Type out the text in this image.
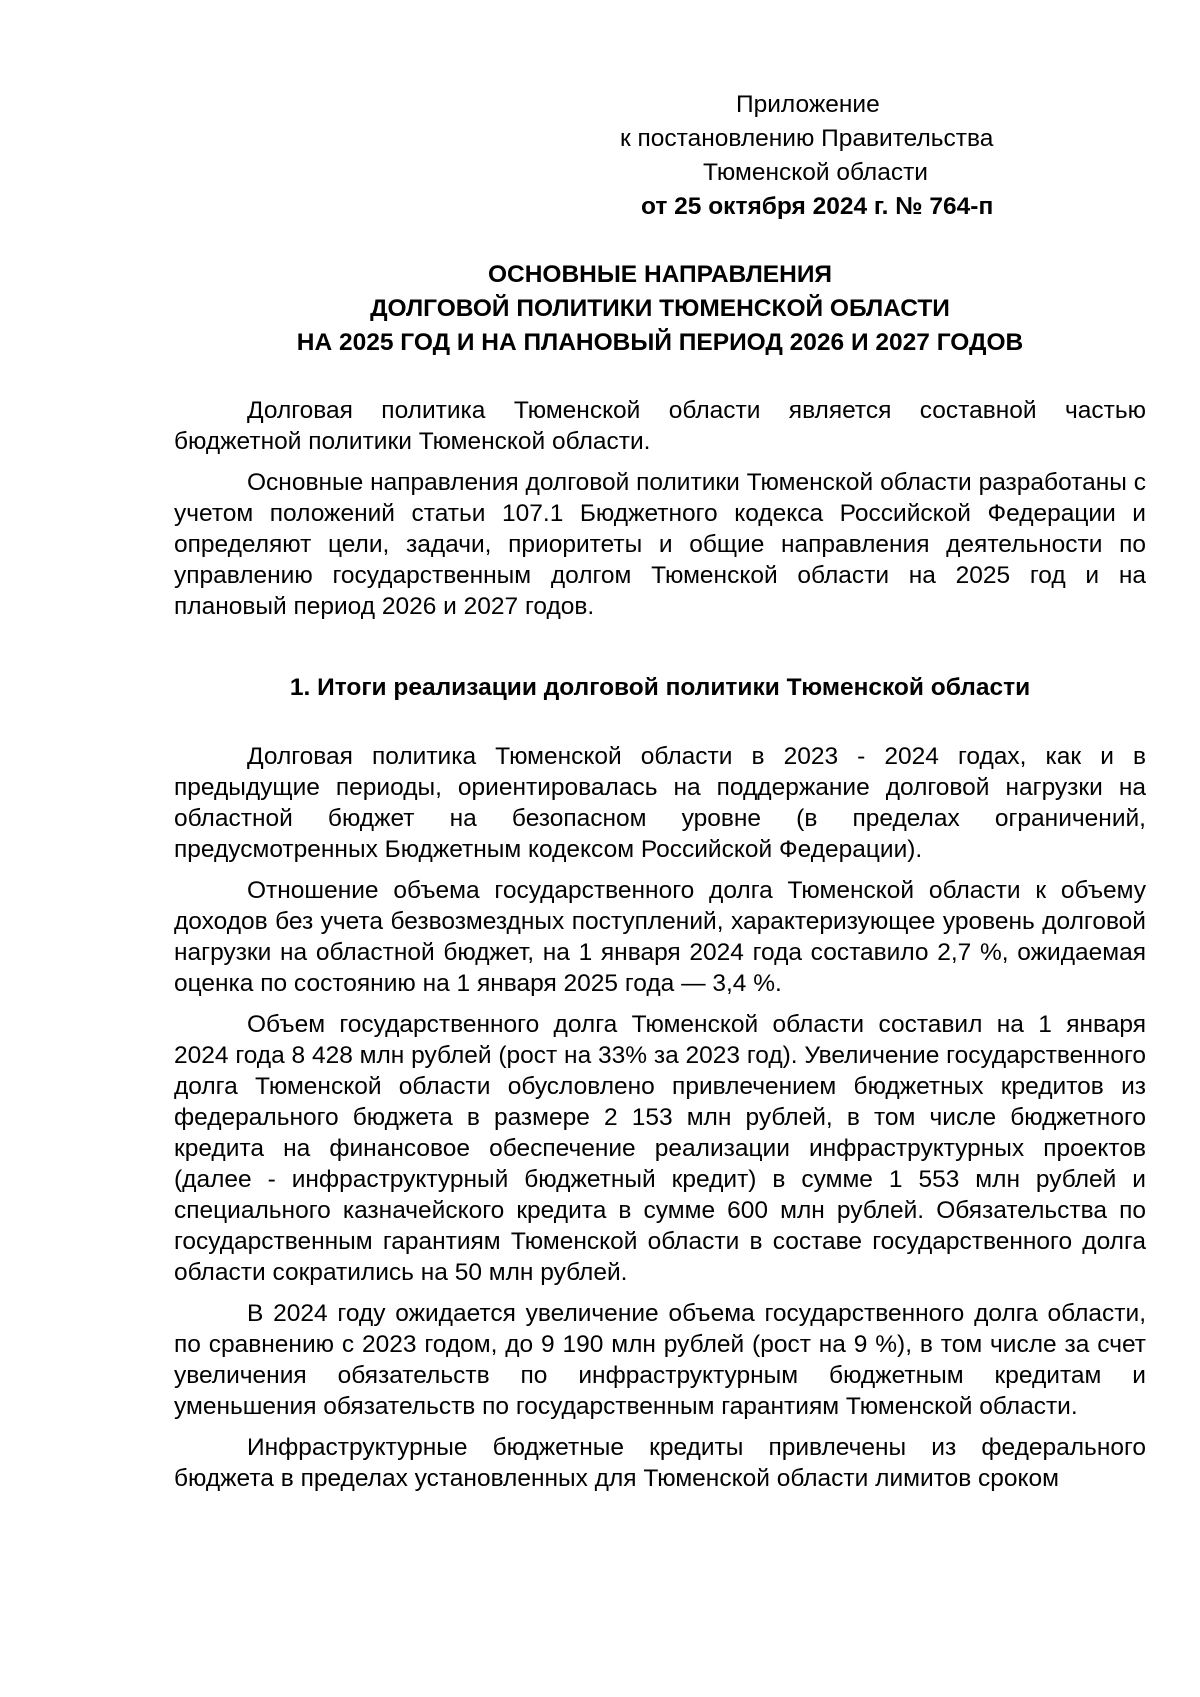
Приложение
к постановлению Правительства
Тюменской области
от 25 октября 2024 г. № 764-п
ОСНОВНЫЕ НАПРАВЛЕНИЯ
ДОЛГОВОЙ ПОЛИТИКИ ТЮМЕНСКОЙ ОБЛАСТИ
НА 2025 ГОД И НА ПЛАНОВЫЙ ПЕРИОД 2026 И 2027 ГОДОВ

Долговая политика Тюменской области является составной частью бюджетной политики Тюменской области.

Основные направления долговой политики Тюменской области разработаны с учетом положений статьи 107.1 Бюджетного кодекса Российской Федерации и определяют цели, задачи, приоритеты и общие направления деятельности по управлению государственным долгом Тюменской области на 2025 год и на плановый период 2026 и 2027 годов.

1. Итоги реализации долговой политики Тюменской области

Долговая политика Тюменской области в 2023 - 2024 годах, как и в предыдущие периоды, ориентировалась на поддержание долговой нагрузки на областной бюджет на безопасном уровне (в пределах ограничений, предусмотренных Бюджетным кодексом Российской Федерации).

Отношение объема государственного долга Тюменской области к объему доходов без учета безвозмездных поступлений, характеризующее уровень долговой нагрузки на областной бюджет, на 1 января 2024 года составило 2,7 %, ожидаемая оценка по состоянию на 1 января 2025 года — 3,4 %.

Объем государственного долга Тюменской области составил на 1 января 2024 года 8 428 млн рублей (рост на 33% за 2023 год). Увеличение государственного долга Тюменской области обусловлено привлечением бюджетных кредитов из федерального бюджета в размере 2 153 млн рублей, в том числе бюджетного кредита на финансовое обеспечение реализации инфраструктурных проектов (далее - инфраструктурный бюджетный кредит) в сумме 1 553 млн рублей и специального казначейского кредита в сумме 600 млн рублей. Обязательства по государственным гарантиям Тюменской области в составе государственного долга области сократились на 50 млн рублей.

В 2024 году ожидается увеличение объема государственного долга области, по сравнению с 2023 годом, до 9 190 млн рублей (рост на 9 %), в том числе за счет увеличения обязательств по инфраструктурным бюджетным кредитам и уменьшения обязательств по государственным гарантиям Тюменской области.

Инфраструктурные бюджетные кредиты привлечены из федерального бюджета в пределах установленных для Тюменской области лимитов сроком
